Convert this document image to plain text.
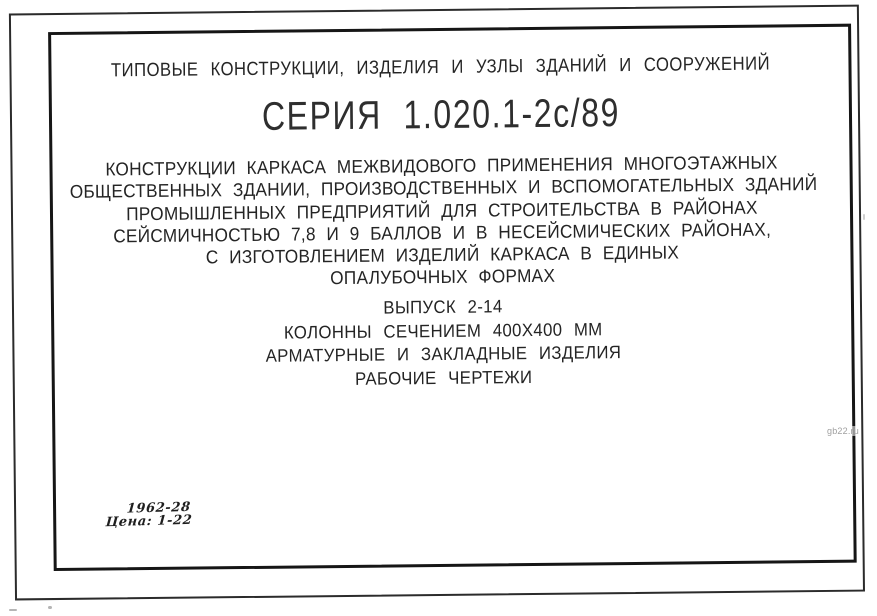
ТИПОВЫЕ КОНСТРУКЦИИ, ИЗДЕЛИЯ И УЗЛЫ ЗДАНИЙ И СООРУЖЕНИЙ
СЕРИЯ 1.020.1-2с/89
КОНСТРУКЦИИ КАРКАСА МЕЖВИДОВОГО ПРИМЕНЕНИЯ МНОГОЭТАЖНЫХ
ОБЩЕСТВЕННЫХ ЗДАНИИ, ПРОИЗВОДСТВЕННЫХ И ВСПОМОГАТЕЛЬНЫХ ЗДАНИЙ
ПРОМЫШЛЕННЫХ ПРЕДПРИЯТИЙ ДЛЯ СТРОИТЕЛЬСТВА В РАЙОНАХ
СЕЙСМИЧНОСТЬЮ 7,8 И 9 БАЛЛОВ И В НЕСЕЙСМИЧЕСКИХ РАЙОНАХ,
С ИЗГОТОВЛЕНИЕМ ИЗДЕЛИЙ КАРКАСА В ЕДИНЫХ
ОПАЛУБОЧНЫХ ФОРМАХ
ВЫПУСК 2-14
КОЛОННЫ СЕЧЕНИЕМ 400Х400 ММ
АРМАТУРНЫЕ И ЗАКЛАДНЫЕ ИЗДЕЛИЯ
РАБОЧИЕ ЧЕРТЕЖИ
1962-28
Цена: 1-22
gb22.ru
